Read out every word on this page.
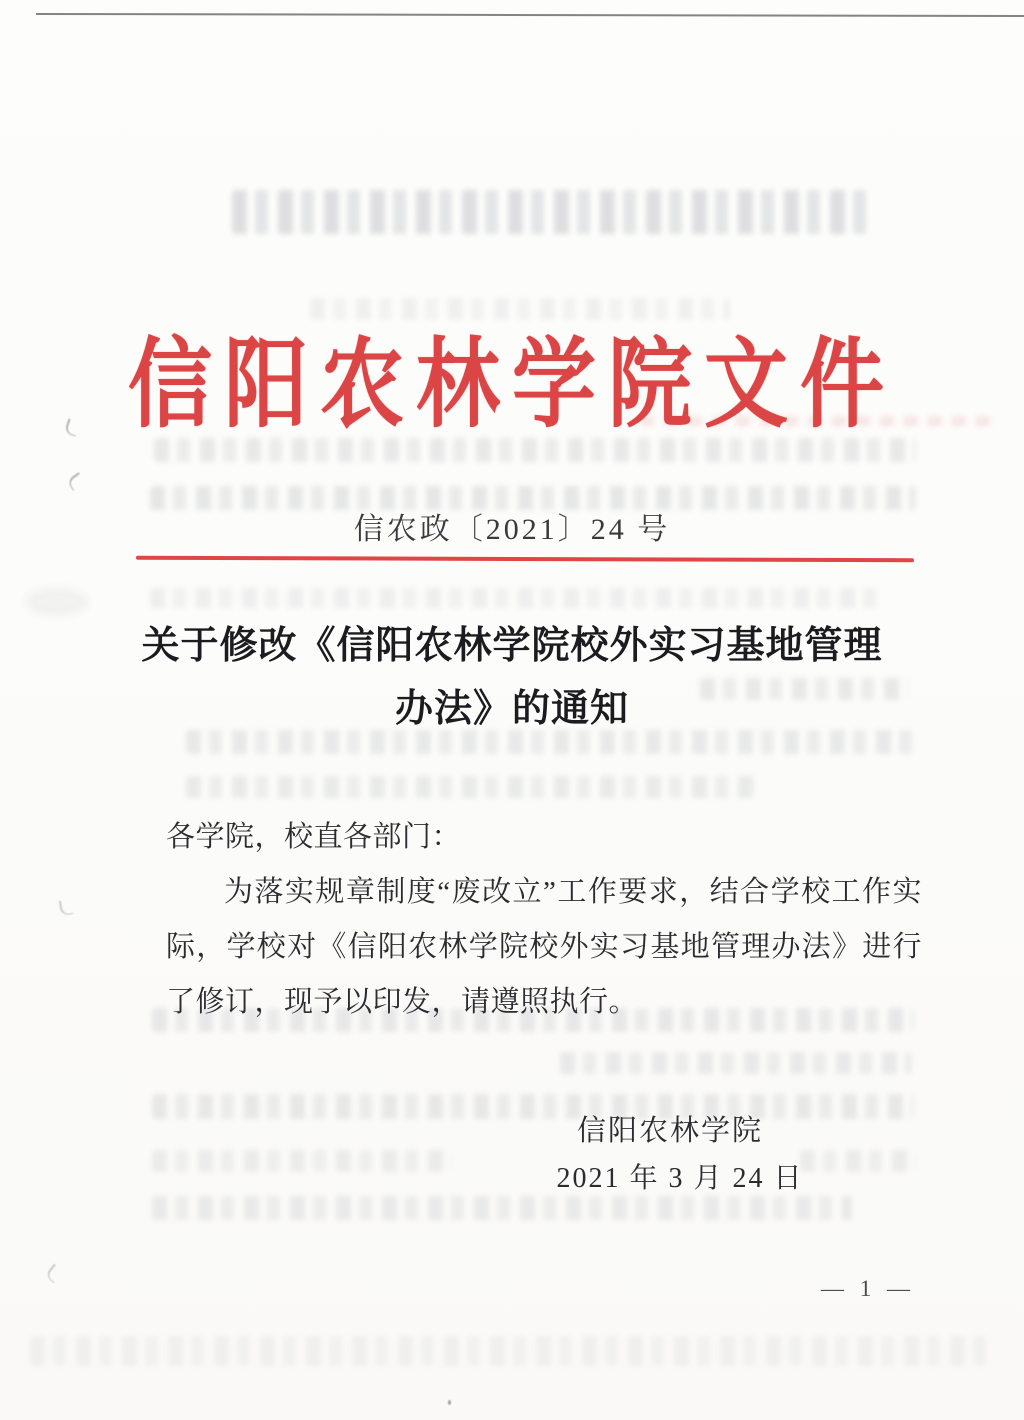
信阳农林学院文件
信农政〔2021〕24 号
关于修改《信阳农林学院校外实习基地管理
办法》的通知
各学院，校直各部门：

为落实规章制度“废改立”工作要求，结合学校工作实际，学校对《信阳农林学院校外实习基地管理办法》进行了修订，现予以印发，请遵照执行。

信阳农林学院
2021 年 3 月 24 日
— 1 —
